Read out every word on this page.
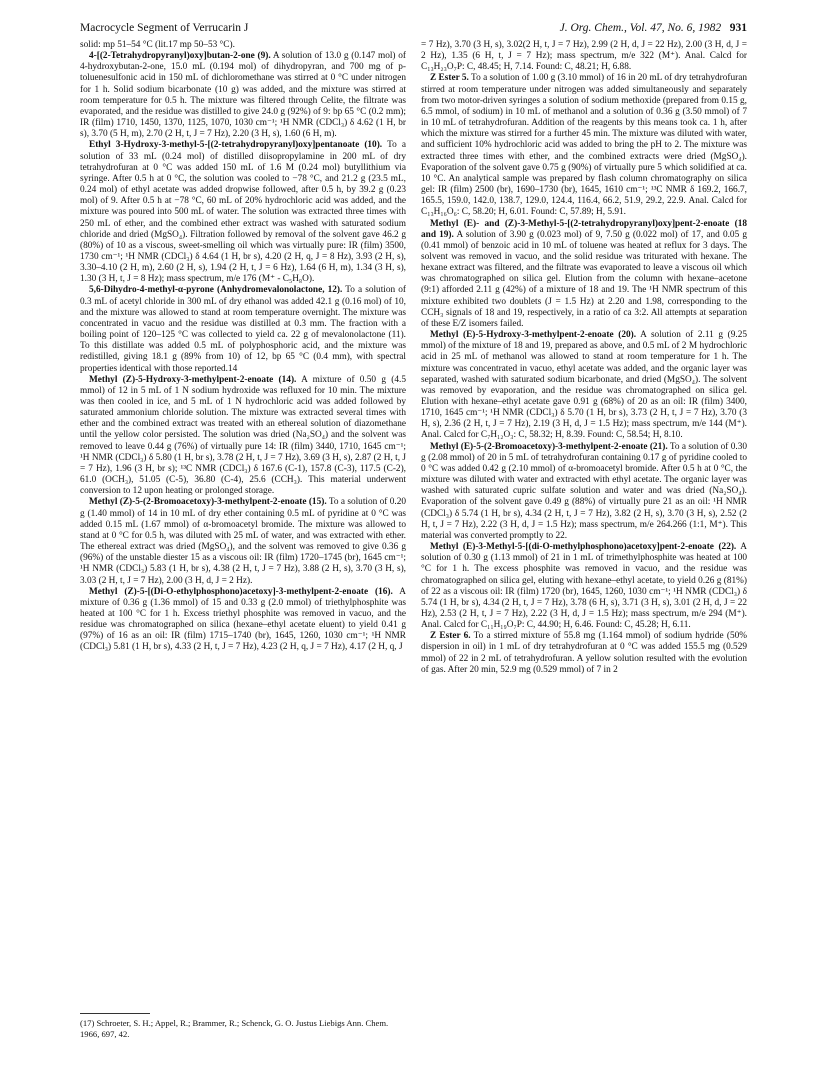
Macrocycle Segment of Verrucarin J	J. Org. Chem., Vol. 47, No. 6, 1982 931

solid: mp 51–54 °C (lit.17 mp 50–53 °C).

4-[(2-Tetrahydropyranyl)oxy]butan-2-one (9). A solution of 13.0 g (0.147 mol) of 4-hydroxybutan-2-one, 15.0 mL (0.194 mol) of dihydropyran, and 700 mg of p-toluenesulfonic acid in 150 mL of dichloromethane was stirred at 0 °C under nitrogen for 1 h. Solid sodium bicarbonate (10 g) was added, and the mixture was stirred at room temperature for 0.5 h. The mixture was filtered through Celite, the filtrate was evaporated, and the residue was distilled to give 24.0 g (92%) of 9: bp 65 °C (0.2 mm); IR (film) 1710, 1450, 1370, 1125, 1070, 1030 cm⁻¹; ¹H NMR (CDCl₃) δ 4.62 (1 H, br s), 3.70 (5 H, m), 2.70 (2 H, t, J = 7 Hz), 2.20 (3 H, s), 1.60 (6 H, m).

Ethyl 3-Hydroxy-3-methyl-5-[(2-tetrahydropyranyl)oxy]pentanoate (10). To a solution of 33 mL (0.24 mol) of distilled diisopropylamine in 200 mL of dry tetrahydrofuran at 0 °C was added 150 mL of 1.6 M (0.24 mol) butyllithium via syringe. After 0.5 h at 0 °C, the solution was cooled to −78 °C, and 21.2 g (23.5 mL, 0.24 mol) of ethyl acetate was added dropwise followed, after 0.5 h, by 39.2 g (0.23 mol) of 9. After 0.5 h at −78 °C, 60 mL of 20% hydrochloric acid was added, and the mixture was poured into 500 mL of water. The solution was extracted three times with 250 mL of ether, and the combined ether extract was washed with saturated sodium chloride and dried (MgSO₄). Filtration followed by removal of the solvent gave 46.2 g (80%) of 10 as a viscous, sweet-smelling oil which was virtually pure: IR (film) 3500, 1730 cm⁻¹; ¹H NMR (CDCl₃) δ 4.64 (1 H, br s), 4.20 (2 H, q, J = 8 Hz), 3.93 (2 H, s), 3.30–4.10 (2 H, m), 2.60 (2 H, s), 1.94 (2 H, t, J = 6 Hz), 1.64 (6 H, m), 1.34 (3 H, s), 1.30 (3 H, t, J = 8 Hz); mass spectrum, m/e 176 (M⁺ - C₅H₈O).

5,6-Dihydro-4-methyl-α-pyrone (Anhydromevalonolactone, 12). To a solution of 0.3 mL of acetyl chloride in 300 mL of dry ethanol was added 42.1 g (0.16 mol) of 10, and the mixture was allowed to stand at room temperature overnight. The mixture was concentrated in vacuo and the residue was distilled at 0.3 mm. The fraction with a boiling point of 120–125 °C was collected to yield ca. 22 g of mevalonolactone (11). To this distillate was added 0.5 mL of polyphosphoric acid, and the mixture was redistilled, giving 18.1 g (89% from 10) of 12, bp 65 °C (0.4 mm), with spectral properties identical with those reported.14

Methyl (Z)-5-Hydroxy-3-methylpent-2-enoate (14). A mixture of 0.50 g (4.5 mmol) of 12 in 5 mL of 1 N sodium hydroxide was refluxed for 10 min. The mixture was then cooled in ice, and 5 mL of 1 N hydrochloric acid was added followed by saturated ammonium chloride solution. The mixture was extracted several times with ether and the combined extract was treated with an ethereal solution of diazomethane until the yellow color persisted. The solution was dried (Na₂SO₄) and the solvent was removed to leave 0.44 g (76%) of virtually pure 14: IR (film) 3440, 1710, 1645 cm⁻¹; ¹H NMR (CDCl₃) δ 5.80 (1 H, br s), 3.78 (2 H, t, J = 7 Hz), 3.69 (3 H, s), 2.87 (2 H, t, J = 7 Hz), 1.96 (3 H, br s); ¹³C NMR (CDCl₃) δ 167.6 (C-1), 157.8 (C-3), 117.5 (C-2), 61.0 (OCH₃), 51.05 (C-5), 36.80 (C-4), 25.6 (CCH₃). This material underwent conversion to 12 upon heating or prolonged storage.

Methyl (Z)-5-(2-Bromoacetoxy)-3-methylpent-2-enoate (15). To a solution of 0.20 g (1.40 mmol) of 14 in 10 mL of dry ether containing 0.5 mL of pyridine at 0 °C was added 0.15 mL (1.67 mmol) of α-bromoacetyl bromide. The mixture was allowed to stand at 0 °C for 0.5 h, was diluted with 25 mL of water, and was extracted with ether. The ethereal extract was dried (MgSO₄), and the solvent was removed to give 0.36 g (96%) of the unstable diester 15 as a viscous oil: IR (film) 1720–1745 (br), 1645 cm⁻¹; ¹H NMR (CDCl₃) 5.83 (1 H, br s), 4.38 (2 H, t, J = 7 Hz), 3.88 (2 H, s), 3.70 (3 H, s), 3.03 (2 H, t, J = 7 Hz), 2.00 (3 H, d, J = 2 Hz).

Methyl (Z)-5-[(Di-O-ethylphosphono)acetoxy]-3-methylpent-2-enoate (16). A mixture of 0.36 g (1.36 mmol) of 15 and 0.33 g (2.0 mmol) of triethylphosphite was heated at 100 °C for 1 h. Excess triethyl phosphite was removed in vacuo, and the residue was chromatographed on silica (hexane–ethyl acetate eluent) to yield 0.41 g (97%) of 16 as an oil: IR (film) 1715–1740 (br), 1645, 1260, 1030 cm⁻¹; ¹H NMR (CDCl₃) 5.81 (1 H, br s), 4.33 (2 H, t, J = 7 Hz), 4.23 (2 H, q, J = 7 Hz), 4.17 (2 H, q, J

= 7 Hz), 3.70 (3 H, s), 3.02(2 H, t, J = 7 Hz), 2.99 (2 H, d, J = 22 Hz), 2.00 (3 H, d, J = 2 Hz), 1.35 (6 H, t, J = 7 Hz); mass spectrum, m/e 322 (M⁺). Anal. Calcd for C₁₃H₂₃O₇P: C, 48.45; H, 7.14. Found: C, 48.21; H, 6.88.

Z Ester 5. To a solution of 1.00 g (3.10 mmol) of 16 in 20 mL of dry tetrahydrofuran stirred at room temperature under nitrogen was added simultaneously and separately from two motor-driven syringes a solution of sodium methoxide (prepared from 0.15 g, 6.5 mmol, of sodium) in 10 mL of methanol and a solution of 0.36 g (3.50 mmol) of 7 in 10 mL of tetrahydrofuran. Addition of the reagents by this means took ca. 1 h, after which the mixture was stirred for a further 45 min. The mixture was diluted with water, and sufficient 10% hydrochloric acid was added to bring the pH to 2. The mixture was extracted three times with ether, and the combined extracts were dried (MgSO₄). Evaporation of the solvent gave 0.75 g (90%) of virtually pure 5 which solidified at ca. 10 °C. An analytical sample was prepared by flash column chromatography on silica gel: IR (film) 2500 (br), 1690–1730 (br), 1645, 1610 cm⁻¹; ¹³C NMR δ 169.2, 166.7, 165.5, 159.0, 142.0, 138.7, 129.0, 124.4, 116.4, 66.2, 51.9, 29.2, 22.9. Anal. Calcd for C₁₃H₁₆O₆: C, 58.20; H, 6.01. Found: C, 57.89; H, 5.91.

Methyl (E)- and (Z)-3-Methyl-5-[(2-tetrahydropyranyl)oxy]pent-2-enoate (18 and 19). A solution of 3.90 g (0.023 mol) of 9, 7.50 g (0.022 mol) of 17, and 0.05 g (0.41 mmol) of benzoic acid in 10 mL of toluene was heated at reflux for 3 days. The solvent was removed in vacuo, and the solid residue was triturated with hexane. The hexane extract was filtered, and the filtrate was evaporated to leave a viscous oil which was chromatographed on silica gel. Elution from the column with hexane–acetone (9:1) afforded 2.11 g (42%) of a mixture of 18 and 19. The ¹H NMR spectrum of this mixture exhibited two doublets (J = 1.5 Hz) at 2.20 and 1.98, corresponding to the CCH₃ signals of 18 and 19, respectively, in a ratio of ca 3:2. All attempts at separation of these E/Z isomers failed.

Methyl (E)-5-Hydroxy-3-methylpent-2-enoate (20). A solution of 2.11 g (9.25 mmol) of the mixture of 18 and 19, prepared as above, and 0.5 mL of 2 M hydrochloric acid in 25 mL of methanol was allowed to stand at room temperature for 1 h. The mixture was concentrated in vacuo, ethyl acetate was added, and the organic layer was separated, washed with saturated sodium bicarbonate, and dried (MgSO₄). The solvent was removed by evaporation, and the residue was chromatographed on silica gel. Elution with hexane–ethyl acetate gave 0.91 g (68%) of 20 as an oil: IR (film) 3400, 1710, 1645 cm⁻¹; ¹H NMR (CDCl₃) δ 5.70 (1 H, br s), 3.73 (2 H, t, J = 7 Hz), 3.70 (3 H, s), 2.36 (2 H, t, J = 7 Hz), 2.19 (3 H, d, J = 1.5 Hz); mass spectrum, m/e 144 (M⁺). Anal. Calcd for C₇H₁₂O₃: C, 58.32; H, 8.39. Found: C, 58.54; H, 8.10.

Methyl (E)-5-(2-Bromoacetoxy)-3-methylpent-2-enoate (21). To a solution of 0.30 g (2.08 mmol) of 20 in 5 mL of tetrahydrofuran containing 0.17 g of pyridine cooled to 0 °C was added 0.42 g (2.10 mmol) of α-bromoacetyl bromide. After 0.5 h at 0 °C, the mixture was diluted with water and extracted with ethyl acetate. The organic layer was washed with saturated cupric sulfate solution and water and was dried (Na₂SO₄). Evaporation of the solvent gave 0.49 g (88%) of virtually pure 21 as an oil: ¹H NMR (CDCl₃) δ 5.74 (1 H, br s), 4.34 (2 H, t, J = 7 Hz), 3.82 (2 H, s), 3.70 (3 H, s), 2.52 (2 H, t, J = 7 Hz), 2.22 (3 H, d, J = 1.5 Hz); mass spectrum, m/e 264.266 (1:1, M⁺). This material was converted promptly to 22.

Methyl (E)-3-Methyl-5-[(di-O-methylphosphono)acetoxy]pent-2-enoate (22). A solution of 0.30 g (1.13 mmol) of 21 in 1 mL of trimethylphosphite was heated at 100 °C for 1 h. The excess phosphite was removed in vacuo, and the residue was chromatographed on silica gel, eluting with hexane–ethyl acetate, to yield 0.26 g (81%) of 22 as a viscous oil: IR (film) 1720 (br), 1645, 1260, 1030 cm⁻¹; ¹H NMR (CDCl₃) δ 5.74 (1 H, br s), 4.34 (2 H, t, J = 7 Hz), 3.78 (6 H, s), 3.71 (3 H, s), 3.01 (2 H, d, J = 22 Hz), 2.53 (2 H, t, J = 7 Hz), 2.22 (3 H, d, J = 1.5 Hz); mass spectrum, m/e 294 (M⁺). Anal. Calcd for C₁₁H₁₉O₇P: C, 44.90; H, 6.46. Found: C, 45.28; H, 6.11.

Z Ester 6. To a stirred mixture of 55.8 mg (1.164 mmol) of sodium hydride (50% dispersion in oil) in 1 mL of dry tetrahydrofuran at 0 °C was added 155.5 mg (0.529 mmol) of 22 in 2 mL of tetrahydrofuran. A yellow solution resulted with the evolution of gas. After 20 min, 52.9 mg (0.529 mmol) of 7 in 2

(17) Schroeter, S. H.; Appel, R.; Brammer, R.; Schenck, G. O. Justus Liebigs Ann. Chem. 1966, 697, 42.
